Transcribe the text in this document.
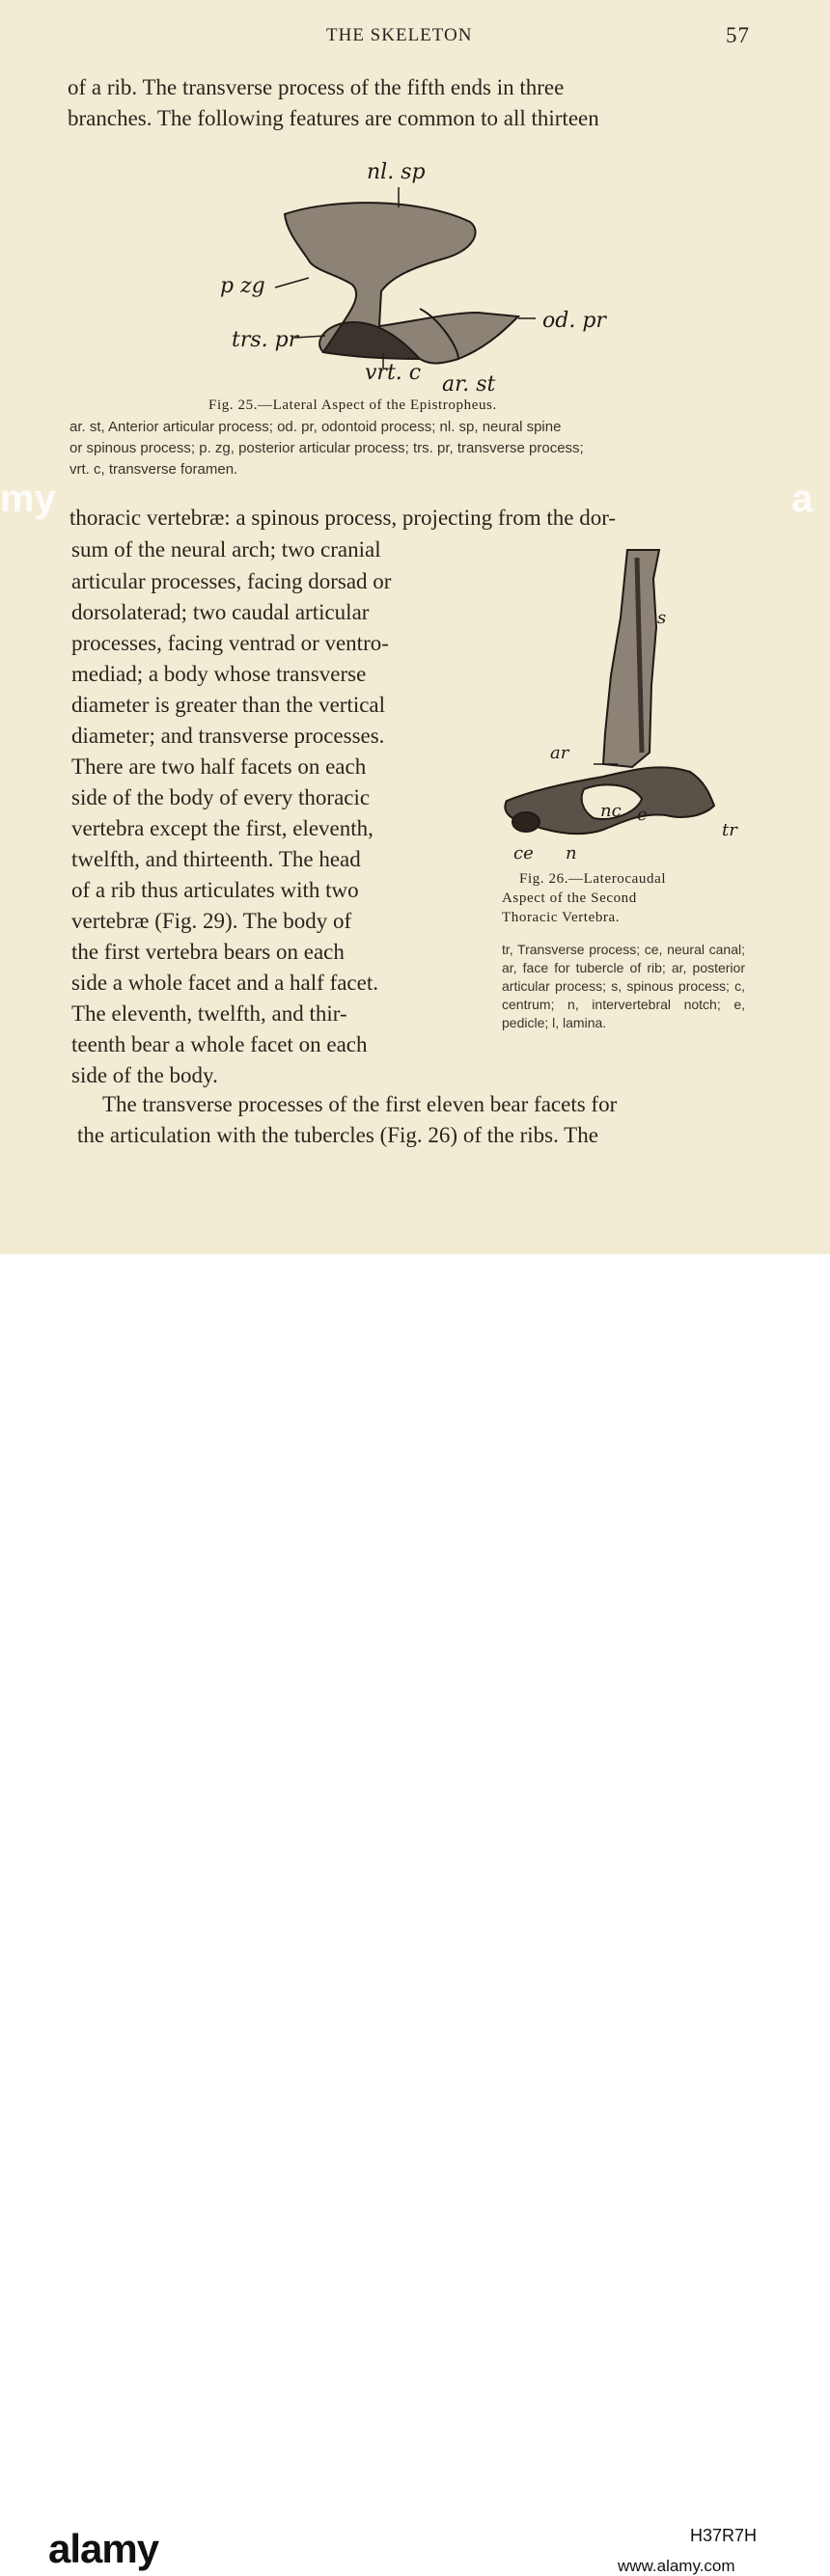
THE SKELETON	57
of a rib. The transverse process of the fifth ends in three
branches. The following features are common to all thirteen
nl. sp
p zg
trs. pr
od. pr
vrt. c ar. st
Fig. 25.—Lateral Aspect of the Epistropheus.
ar. st, Anterior articular process; od. pr, odontoid process; nl. sp, neural spine
or spinous process; p. zg, posterior articular process; trs. pr, transverse process;
vrt. c, transverse foramen.
thoracic vertebræ: a spinous process, projecting from the dor-
sum of the neural arch; two cranial
articular processes, facing dorsad or
dorsolaterad; two caudal articular
processes, facing ventrad or ventro-
mediad; a body whose transverse
diameter is greater than the vertical
diameter; and transverse processes.
There are two half facets on each
side of the body of every thoracic
vertebra except the first, eleventh,
twelfth, and thirteenth. The head
of a rib thus articulates with two
vertebræ (Fig. 29). The body of
the first vertebra bears on each
side a whole facet and a half facet.
The eleventh, twelfth, and thir-
teenth bear a whole facet on each
side of the body.
s
ar
nc e
tr
ce n
Fig. 26.—Laterocaudal
Aspect of the Second
Thoracic Vertebra.
tr, Transverse process; ce, neural canal; ar, face for tubercle of rib; ar, posterior articular process; s, spinous process; c, centrum; n, intervertebral notch; e, pedicle; l, lamina.
The transverse processes of the first eleven bear facets for
the articulation with the tubercles (Fig. 26) of the ribs. The
my	a
alamy	H37R7H
www.alamy.com
